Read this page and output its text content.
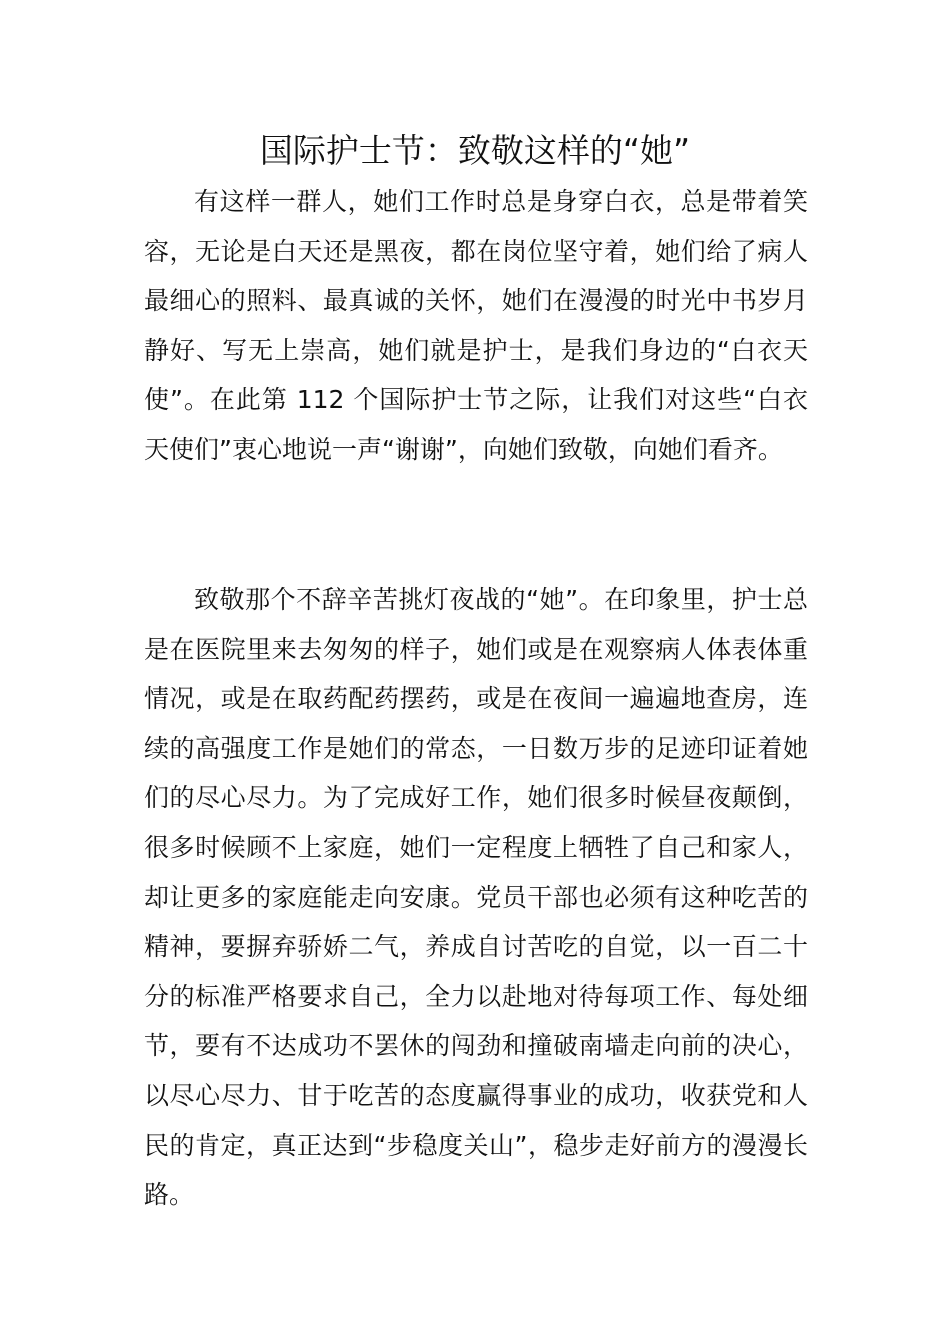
国际护士节：致敬这样的“她”

有这样一群人，她们工作时总是身穿白衣，总是带着笑容，无论是白天还是黑夜，都在岗位坚守着，她们给了病人最细心的照料、最真诚的关怀，她们在漫漫的时光中书岁月静好、写无上崇高，她们就是护士，是我们身边的“白衣天使”。在此第 112 个国际护士节之际，让我们对这些“白衣天使们”衷心地说一声“谢谢”，向她们致敬，向她们看齐。

致敬那个不辞辛苦挑灯夜战的“她”。在印象里，护士总是在医院里来去匆匆的样子，她们或是在观察病人体表体重情况，或是在取药配药摆药，或是在夜间一遍遍地查房，连续的高强度工作是她们的常态，一日数万步的足迹印证着她们的尽心尽力。为了完成好工作，她们很多时候昼夜颠倒，很多时候顾不上家庭，她们一定程度上牺牲了自己和家人，却让更多的家庭能走向安康。党员干部也必须有这种吃苦的精神，要摒弃骄娇二气，养成自讨苦吃的自觉，以一百二十分的标准严格要求自己，全力以赴地对待每项工作、每处细节，要有不达成功不罢休的闯劲和撞破南墙走向前的决心，以尽心尽力、甘于吃苦的态度赢得事业的成功，收获党和人民的肯定，真正达到“步稳度关山”，稳步走好前方的漫漫长路。
